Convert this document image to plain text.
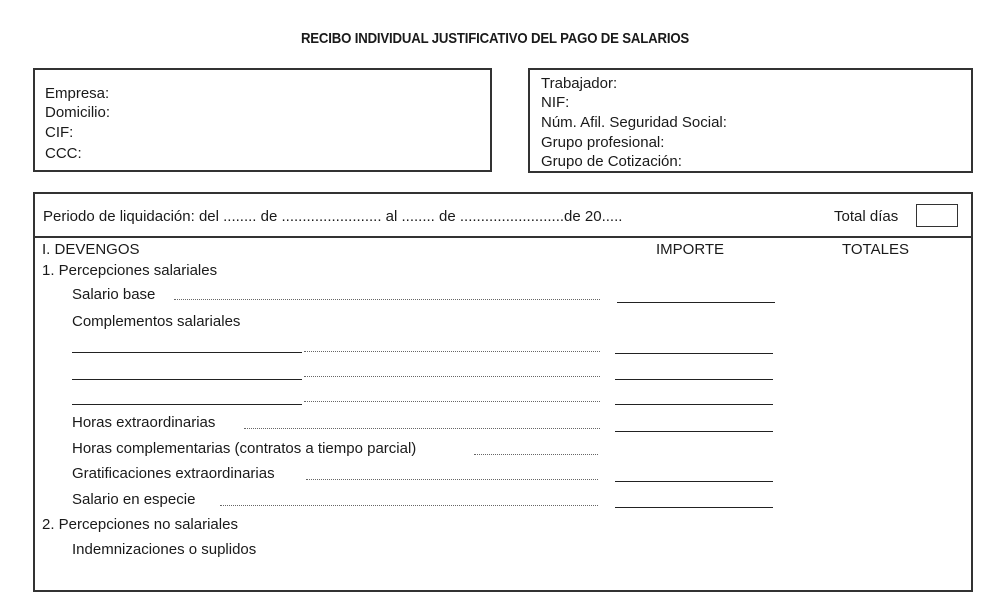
RECIBO INDIVIDUAL JUSTIFICATIVO DEL PAGO DE SALARIOS
Empresa:
Domicilio:
CIF:
CCC:
Trabajador:
NIF:
Núm. Afil. Seguridad Social:
Grupo profesional:
Grupo de Cotización:
Periodo de liquidación: del ........ de ........................ al ........ de .........................de 20.....	Total días
I. DEVENGOS	IMPORTE	TOTALES
1. Percepciones salariales
Salario base
Complementos salariales
Horas extraordinarias
Horas complementarias (contratos a tiempo parcial)
Gratificaciones extraordinarias
Salario en especie
2. Percepciones no salariales
Indemnizaciones o suplidos
